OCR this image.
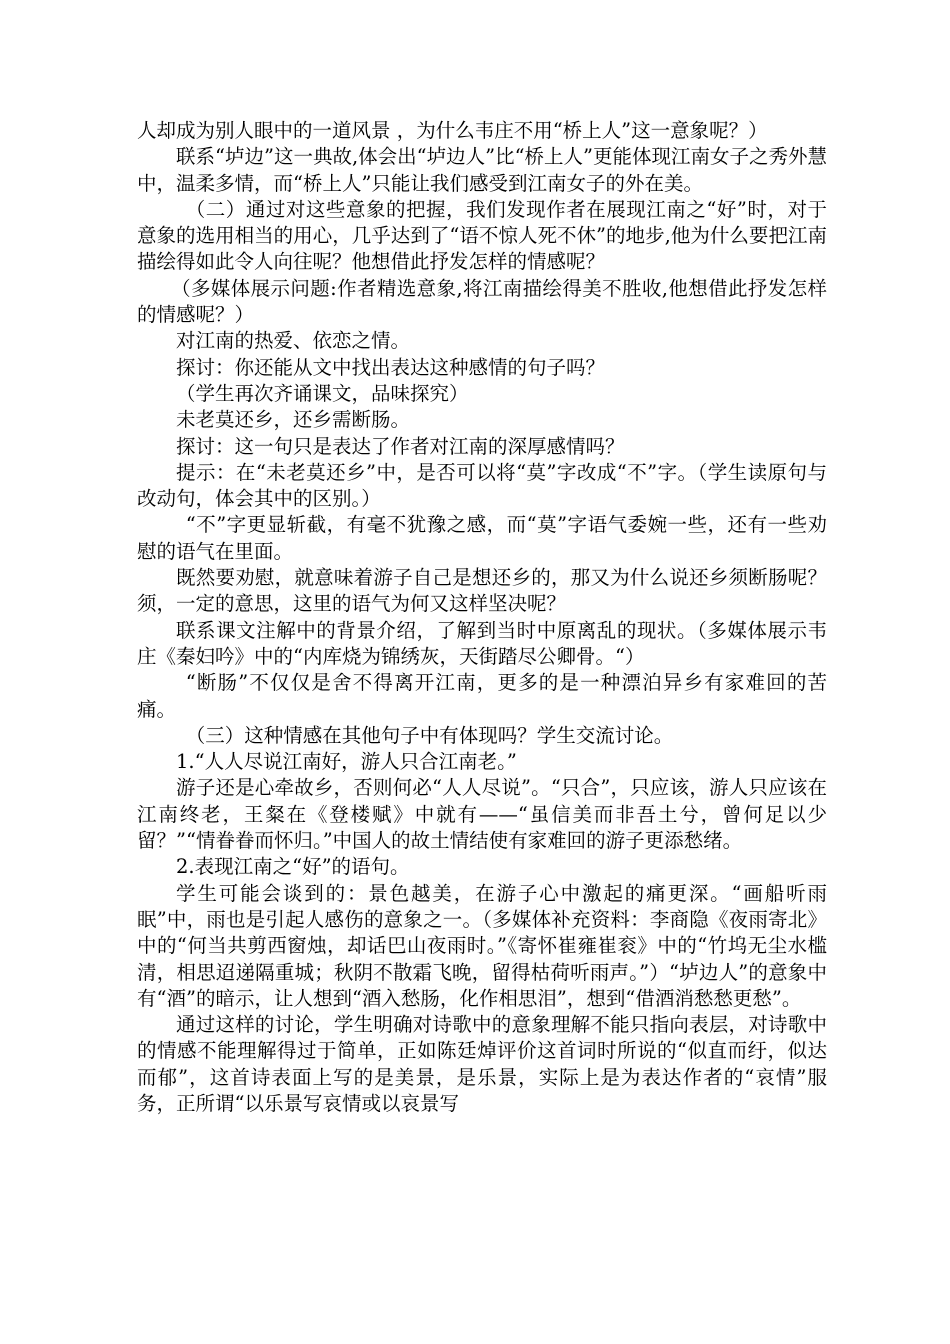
人却成为别人眼中的一道风景 ，为什么韦庄不用“桥上人”这一意象呢？）

联系“垆边”这一典故,体会出“垆边人”比“桥上人”更能体现江南女子之秀外慧中，温柔多情，而“桥上人”只能让我们感受到江南女子的外在美。

（二）通过对这些意象的把握，我们发现作者在展现江南之“好”时，对于意象的选用相当的用心，几乎达到了“语不惊人死不休”的地步,他为什么要把江南描绘得如此令人向往呢？他想借此抒发怎样的情感呢？

（多媒体展示问题:作者精选意象,将江南描绘得美不胜收,他想借此抒发怎样的情感呢？）

对江南的热爱、依恋之情。

探讨：你还能从文中找出表达这种感情的句子吗？

（学生再次齐诵课文，品味探究）

未老莫还乡，还乡需断肠。

探讨：这一句只是表达了作者对江南的深厚感情吗？

提示：在“未老莫还乡”中，是否可以将“莫”字改成“不”字。（学生读原句与改动句，体会其中的区别。）

“不”字更显斩截，有毫不犹豫之感，而“莫”字语气委婉一些，还有一些劝慰的语气在里面。

既然要劝慰，就意味着游子自己是想还乡的，那又为什么说还乡须断肠呢？须，一定的意思，这里的语气为何又这样坚决呢？

联系课文注解中的背景介绍，了解到当时中原离乱的现状。（多媒体展示韦庄《秦妇吟》中的“内库烧为锦绣灰，天街踏尽公卿骨。“）

“断肠”不仅仅是舍不得离开江南，更多的是一种漂泊异乡有家难回的苦痛。

（三）这种情感在其他句子中有体现吗？学生交流讨论。

1.“人人尽说江南好，游人只合江南老。”

游子还是心牵故乡，否则何必“人人尽说”。“只合”，只应该，游人只应该在江南终老，王粲在《登楼赋》中就有——“虽信美而非吾土兮，曾何足以少留？”“情眷眷而怀归。”中国人的故土情结使有家难回的游子更添愁绪。

2.表现江南之“好”的语句。

学生可能会谈到的：景色越美，在游子心中激起的痛更深。“画船听雨眠”中，雨也是引起人感伤的意象之一。（多媒体补充资料：李商隐《夜雨寄北》中的“何当共剪西窗烛，却话巴山夜雨时。”《寄怀崔雍崔衮》中的“竹坞无尘水槛清，相思迢递隔重城；秋阴不散霜飞晚，留得枯荷听雨声。”）“垆边人”的意象中有“酒”的暗示，让人想到“酒入愁肠，化作相思泪”，想到“借酒消愁愁更愁”。

通过这样的讨论，学生明确对诗歌中的意象理解不能只指向表层，对诗歌中的情感不能理解得过于简单，正如陈廷焯评价这首词时所说的“似直而纡，似达而郁”，这首诗表面上写的是美景，是乐景，实际上是为表达作者的“哀情”服务，正所谓“以乐景写哀情或以哀景写
